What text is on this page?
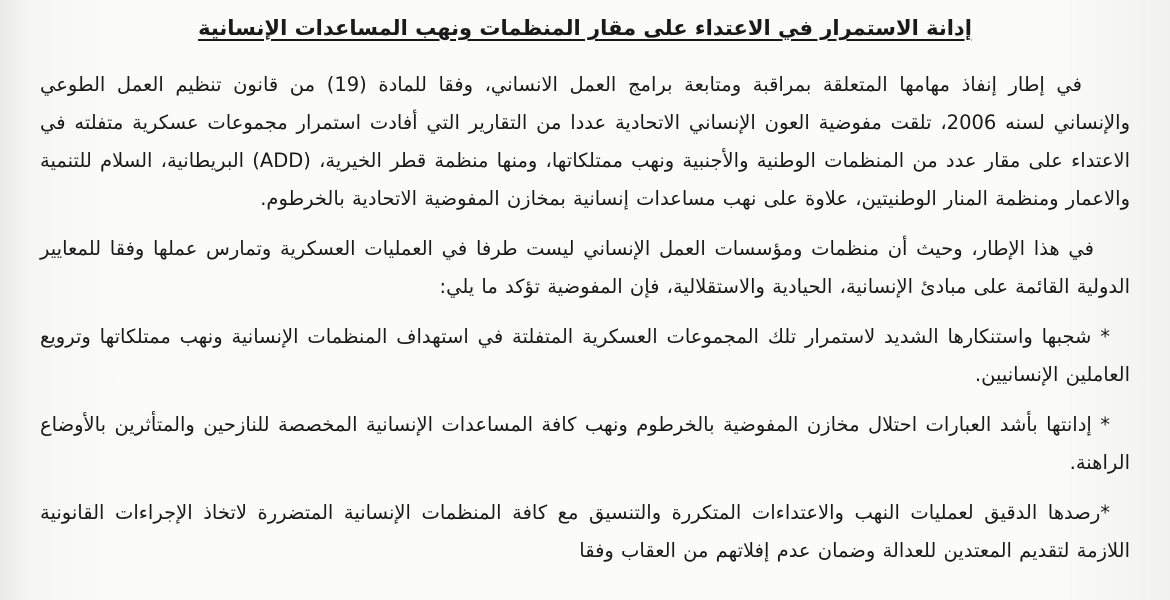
إدانة الاستمرار في الاعتداء على مقار المنظمات ونهب المساعدات الإنسانية

في إطار إنفاذ مهامها المتعلقة بمراقبة ومتابعة برامج العمل الانساني، وفقا للمادة (19) من قانون تنظيم العمل الطوعي والإنساني لسنه 2006، تلقت مفوضية العون الإنساني الاتحادية عددا من التقارير التي أفادت استمرار مجموعات عسكرية متفلته في الاعتداء على مقار عدد من المنظمات الوطنية والأجنبية ونهب ممتلكاتها، ومنها منظمة قطر الخيرية، (ADD) البريطانية، السلام للتنمية والاعمار ومنظمة المنار الوطنيتين، علاوة على نهب مساعدات إنسانية بمخازن المفوضية الاتحادية بالخرطوم.

في هذا الإطار، وحيث أن منظمات ومؤسسات العمل الإنساني ليست طرفا في العمليات العسكرية وتمارس عملها وفقا للمعايير الدولية القائمة على مبادئ الإنسانية، الحيادية والاستقلالية، فإن المفوضية تؤكد ما يلي:

* شجبها واستنكارها الشديد لاستمرار تلك المجموعات العسكرية المتفلتة في استهداف المنظمات الإنسانية ونهب ممتلكاتها وترويع العاملين الإنسانيين.

* إدانتها بأشد العبارات احتلال مخازن المفوضية بالخرطوم ونهب كافة المساعدات الإنسانية المخصصة للنازحين والمتأثرين بالأوضاع الراهنة.

*رصدها الدقيق لعمليات النهب والاعتداءات المتكررة والتنسيق مع كافة المنظمات الإنسانية المتضررة لاتخاذ الإجراءات القانونية اللازمة لتقديم المعتدين للعدالة وضمان عدم إفلاتهم من العقاب وفقا
